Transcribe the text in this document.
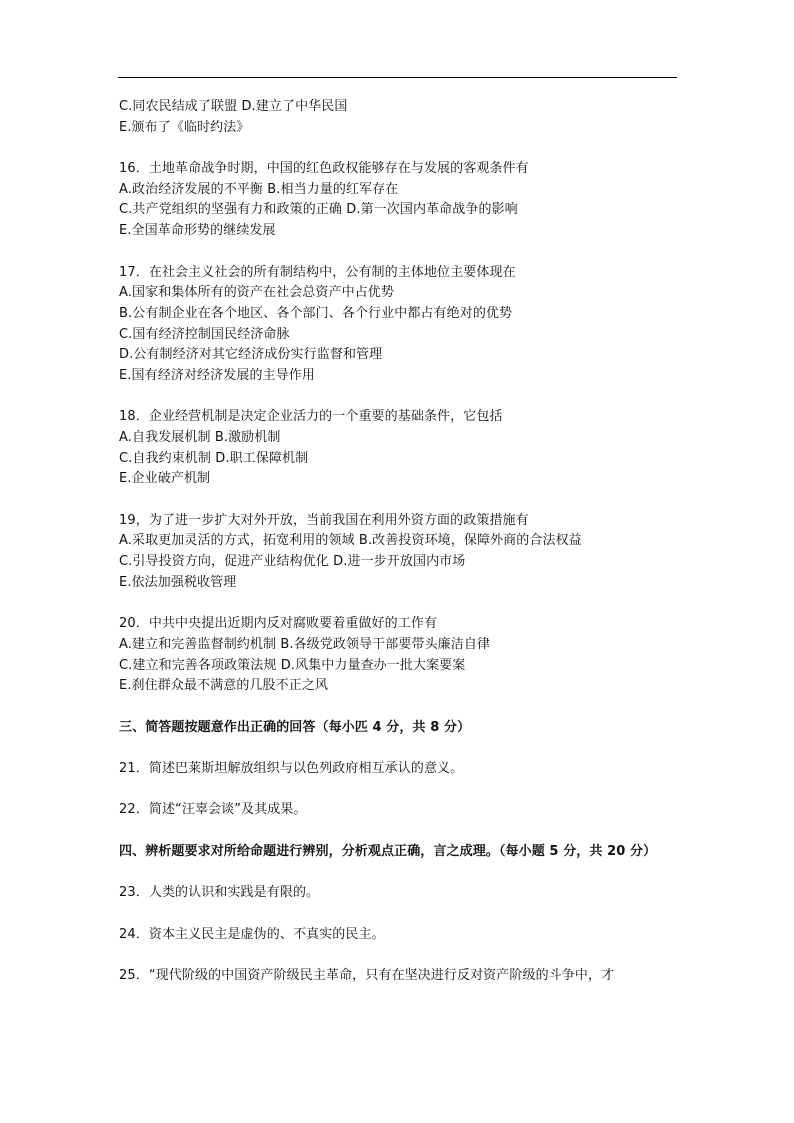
C.同农民结成了联盟 D.建立了中华民国
E.颁布了《临时约法》
16．土地革命战争时期，中国的红色政权能够存在与发展的客观条件有
A.政治经济发展的不平衡 B.相当力量的红军存在
C.共产党组织的坚强有力和政策的正确 D.第一次国内革命战争的影响
E.全国革命形势的继续发展
17．在社会主义社会的所有制结构中，公有制的主体地位主要体现在
A.国家和集体所有的资产在社会总资产中占优势
B.公有制企业在各个地区、各个部门、各个行业中都占有绝对的优势
C.国有经济控制国民经济命脉
D.公有制经济对其它经济成份实行监督和管理
E.国有经济对经济发展的主导作用
18．企业经营机制是决定企业活力的一个重要的基础条件，它包括
A.自我发展机制 B.激励机制
C.自我约束机制 D.职工保障机制
E.企业破产机制
19，为了进一步扩大对外开放，当前我国在利用外资方面的政策措施有
A.采取更加灵活的方式，拓宽利用的领域 B.改善投资环境，保障外商的合法权益
C.引导投资方向，促进产业结构优化 D.进一步开放国内市场
E.依法加强税收管理
20．中共中央提出近期内反对腐败要着重做好的工作有
A.建立和完善监督制约机制 B.各级党政领导干部要带头廉洁自律
C.建立和完善各项政策法规 D.风集中力量查办一批大案要案
E.刹住群众最不满意的几股不正之风
三、简答题按题意作出正确的回答（每小匹 4 分，共 8 分）
21．简述巴莱斯坦解放组织与以色列政府相互承认的意义。
22．简述“汪辜会谈”及其成果。
四、辨析题要求对所给命题进行辨别，分析观点正确，言之成理。（每小题 5 分，共 20 分）
23．人类的认识和实践是有限的。
24．资本主义民主是虚伪的、不真实的民主。
25．“现代阶级的中国资产阶级民主革命，只有在坚决进行反对资产阶级的斗争中，才
